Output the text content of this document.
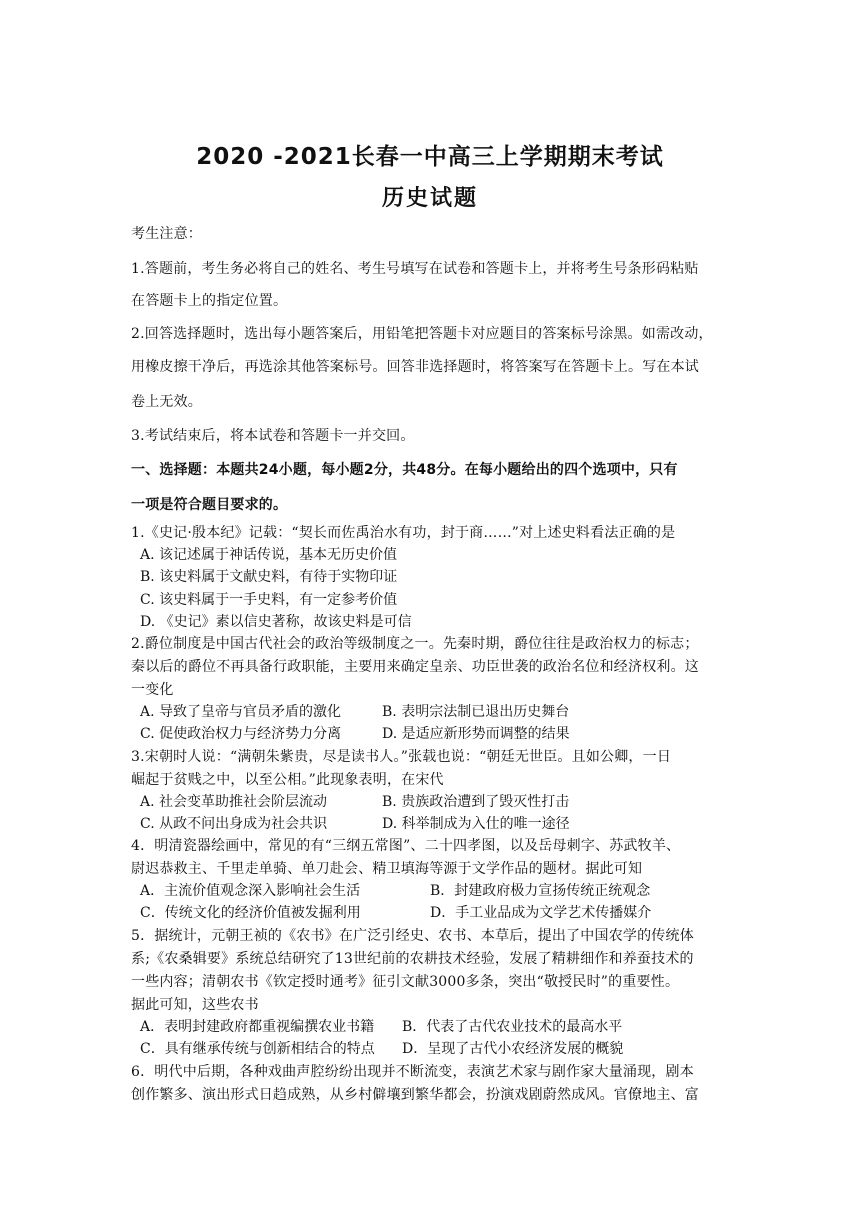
2020 -2021长春一中高三上学期期末考试
历史试题
考生注意：
1.答题前，考生务必将自己的姓名、考生号填写在试卷和答题卡上，并将考生号条形码粘贴
在答题卡上的指定位置。
2.回答选择题时，选出每小题答案后，用铅笔把答题卡对应题目的答案标号涂黑。如需改动，
用橡皮擦干净后，再选涂其他答案标号。回答非选择题时，将答案写在答题卡上。写在本试
卷上无效。
3.考试结束后，将本试卷和答题卡一并交回。
一、选择题：本题共24小题，每小题2分，共48分。在每小题给出的四个选项中，只有
一项是符合题目要求的。
1.《史记·殷本纪》记载：“契长而佐禹治水有功，封于商……”对上述史料看法正确的是
A. 该记述属于神话传说，基本无历史价值
B. 该史料属于文献史料，有待于实物印证
C. 该史料属于一手史料，有一定参考价值
D. 《史记》素以信史著称，故该史料是可信
2.爵位制度是中国古代社会的政治等级制度之一。先秦时期，爵位往往是政治权力的标志；
秦以后的爵位不再具备行政职能，主要用来确定皇亲、功臣世袭的政治名位和经济权利。这
一变化
A. 导致了皇帝与官员矛盾的激化	B. 表明宗法制已退出历史舞台
C. 促使政治权力与经济势力分离	D. 是适应新形势而调整的结果
3.宋朝时人说：“满朝朱紫贵，尽是读书人。”张载也说：“朝廷无世臣。且如公卿，一日
崛起于贫贱之中，以至公相。”此现象表明，在宋代
A. 社会变革助推社会阶层流动	B. 贵族政治遭到了毁灭性打击
C. 从政不问出身成为社会共识	D. 科举制成为入仕的唯一途径
4．明清瓷器绘画中，常见的有“三纲五常图”、二十四孝图，以及岳母刺字、苏武牧羊、
尉迟恭救主、千里走单骑、单刀赴会、精卫填海等源于文学作品的题材。据此可知
A．主流价值观念深入影响社会生活	B．封建政府极力宣扬传统正统观念
C．传统文化的经济价值被发掘利用	D．手工业品成为文学艺术传播媒介
5．据统计，元朝王祯的《农书》在广泛引经史、农书、本草后，提出了中国农学的传统体
系;《农桑辑要》系统总结研究了13世纪前的农耕技术经验，发展了精耕细作和养蚕技术的
一些内容；清朝农书《钦定授时通考》征引文献3000多条，突出“敬授民时”的重要性。
据此可知，这些农书
A．表明封建政府都重视编撰农业书籍 B．代表了古代农业技术的最高水平
C．具有继承传统与创新相结合的特点 D．呈现了古代小农经济发展的概貌
6．明代中后期，各种戏曲声腔纷纷出现并不断流变，表演艺术家与剧作家大量涌现，剧本
创作繁多、演出形式日趋成熟，从乡村僻壤到繁华都会，扮演戏剧蔚然成风。官僚地主、富
